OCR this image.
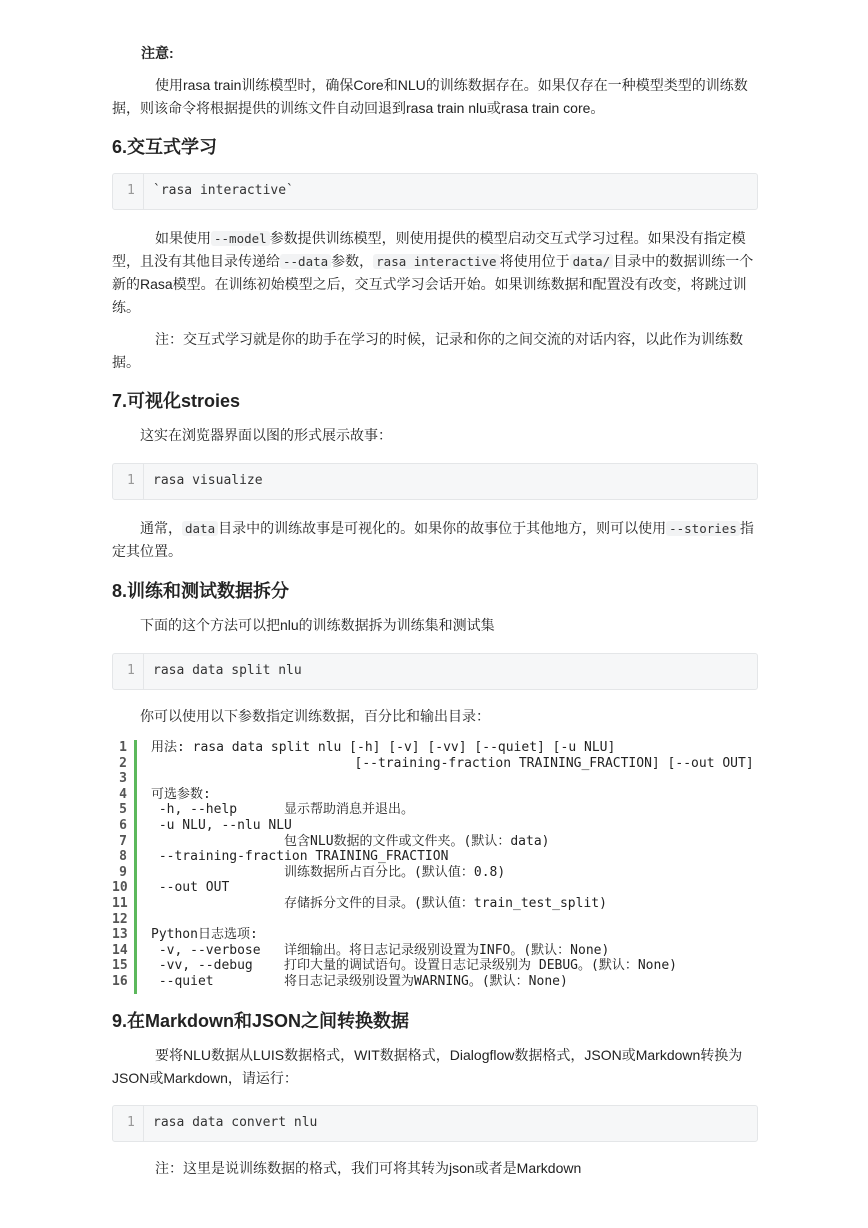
注意:

使用rasa train训练模型时，确保Core和NLU的训练数据存在。如果仅存在一种模型类型的训练数据，则该命令将根据提供的训练文件自动回退到rasa train nlu或rasa train core。

6.交互式学习
1 `rasa interactive`

如果使用 --model 参数提供训练模型，则使用提供的模型启动交互式学习过程。如果没有指定模型，且没有其他目录传递给 --data 参数， rasa interactive 将使用位于 data/ 目录中的数据训练一个新的Rasa模型。在训练初始模型之后，交互式学习会话开始。如果训练数据和配置没有改变，将跳过训练。

注：交互式学习就是你的助手在学习的时候，记录和你的之间交流的对话内容，以此作为训练数据。

7.可视化stroies

这实在浏览器界面以图的形式展示故事：

1 rasa visualize

通常， data 目录中的训练故事是可视化的。如果你的故事位于其他地方，则可以使用 --stories 指定其位置。

8.训练和测试数据拆分

下面的这个方法可以把nlu的训练数据拆为训练集和测试集

1 rasa data split nlu

你可以使用以下参数指定训练数据，百分比和输出目录：

1
2
3
4
5
6
7
8
9
10
11
12
13
14
15
16
用法: rasa data split nlu [-h] [-v] [-vv] [--quiet] [-u NLU]
[--training-fraction TRAINING_FRACTION] [--out OUT]
可选参数:
-h, --help      显示帮助消息并退出。
-u NLU, --nlu NLU
包含NLU数据的文件或文件夹。(默认：data)
--training-fraction TRAINING_FRACTION
训练数据所占百分比。(默认值：0.8)
--out OUT
存储拆分文件的目录。(默认值：train_test_split)
Python日志选项:
-v, --verbose   详细输出。将日志记录级别设置为INFO。(默认：None)
-vv, --debug    打印大量的调试语句。设置日志记录级别为 DEBUG。(默认：None)
--quiet         将日志记录级别设置为WARNING。(默认：None)
9.在Markdown和JSON之间转换数据

要将NLU数据从LUIS数据格式，WIT数据格式，Dialogflow数据格式，JSON或Markdown转换为JSON或Markdown，请运行：

1 rasa data convert nlu

注：这里是说训练数据的格式，我们可将其转为json或者是Markdown
